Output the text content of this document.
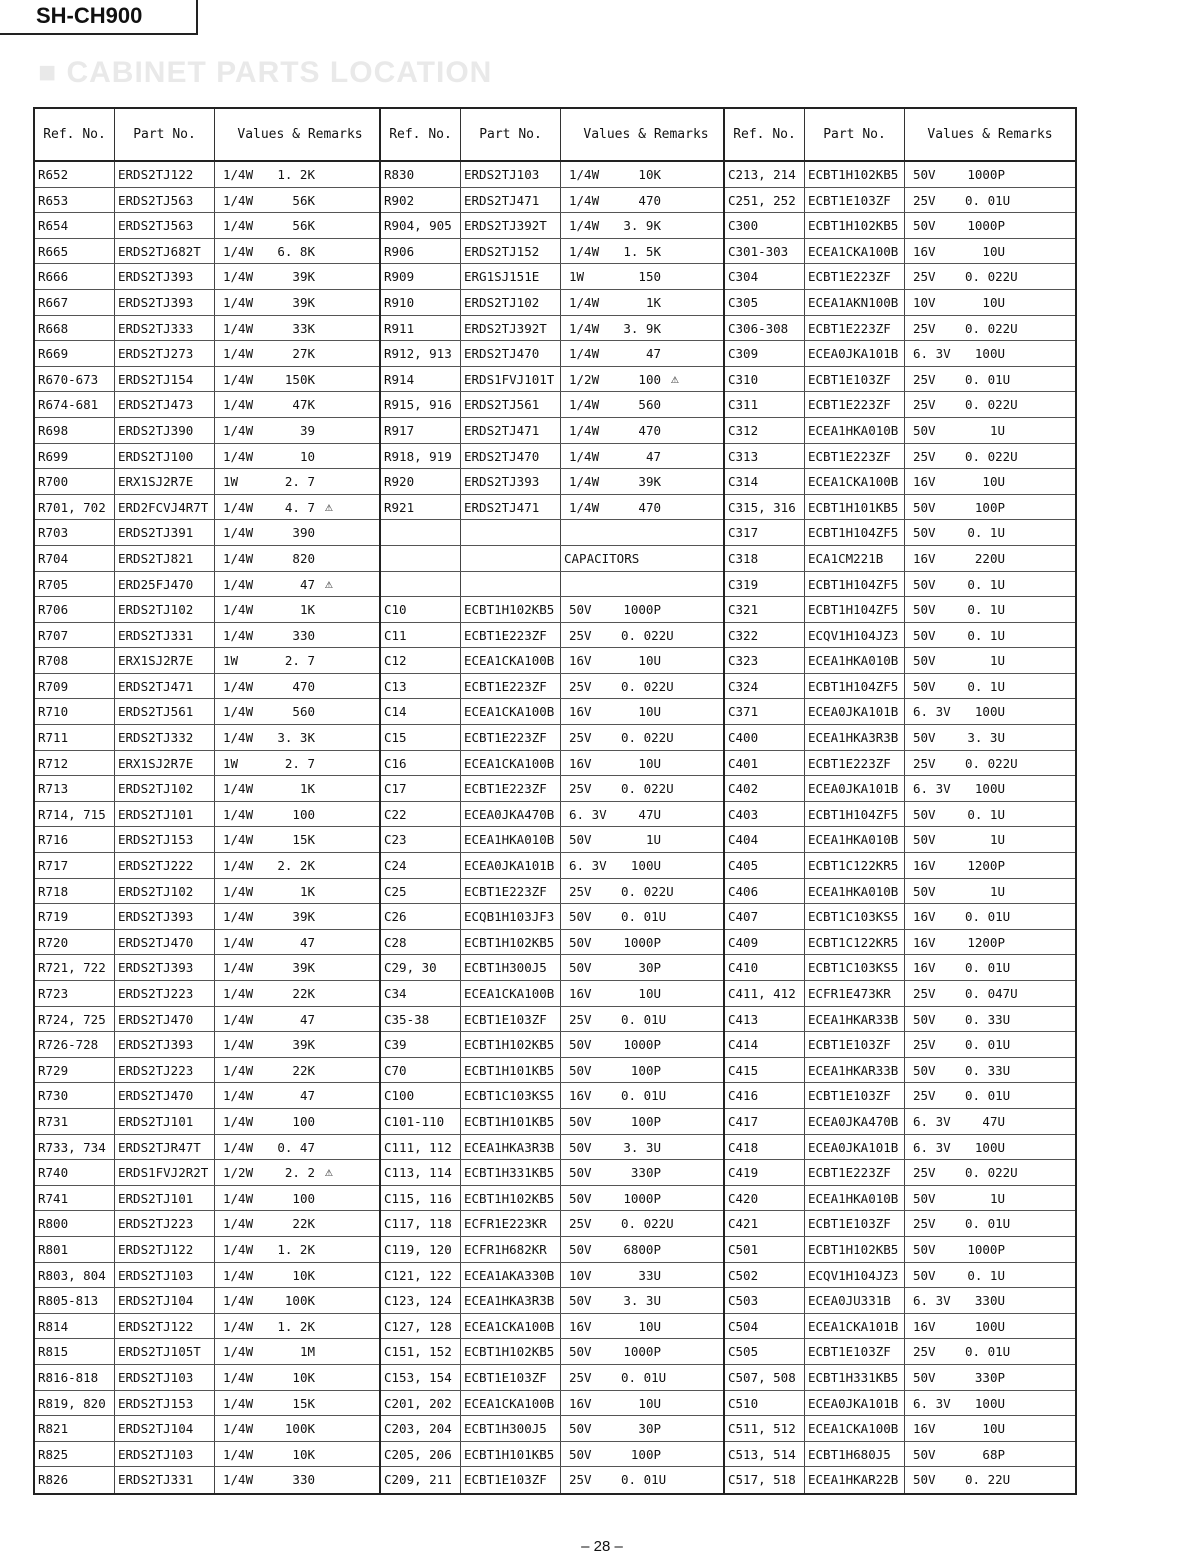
SH-CH900
■ CABINET PARTS LOCATION
Ref. No.	Part No.	Values & Remarks
R652	ERDS2TJ122	1/4W	1. 2K
R653	ERDS2TJ563	1/4W	56K
R654	ERDS2TJ563	1/4W	56K
R665	ERDS2TJ682T	1/4W	6. 8K
R666	ERDS2TJ393	1/4W	39K
R667	ERDS2TJ393	1/4W	39K
R668	ERDS2TJ333	1/4W	33K
R669	ERDS2TJ273	1/4W	27K
R670-673	ERDS2TJ154	1/4W	150K
R674-681	ERDS2TJ473	1/4W	47K
R698	ERDS2TJ390	1/4W	39
R699	ERDS2TJ100	1/4W	10
R700	ERX1SJ2R7E	1W	2. 7
R701, 702 ERD2FCVJ4R7T	1/4W	4. 7 ⚠
R703	ERDS2TJ391	1/4W	390
R704	ERDS2TJ821	1/4W	820
R705	ERD25FJ470	1/4W	47 ⚠
R706	ERDS2TJ102	1/4W	1K
R707	ERDS2TJ331	1/4W	330
R708	ERX1SJ2R7E	1W	2. 7
R709	ERDS2TJ471	1/4W	470
R710	ERDS2TJ561	1/4W	560
R711	ERDS2TJ332	1/4W	3. 3K
R712	ERX1SJ2R7E	1W	2. 7
R713	ERDS2TJ102	1/4W	1K
R714, 715 ERDS2TJ101	1/4W	100
R716	ERDS2TJ153	1/4W	15K
R717	ERDS2TJ222	1/4W	2. 2K
R718	ERDS2TJ102	1/4W	1K
R719	ERDS2TJ393	1/4W	39K
R720	ERDS2TJ470	1/4W	47
R721, 722 ERDS2TJ393	1/4W	39K
R723	ERDS2TJ223	1/4W	22K
R724, 725 ERDS2TJ470	1/4W	47
R726-728	ERDS2TJ393	1/4W	39K
R729	ERDS2TJ223	1/4W	22K
R730	ERDS2TJ470	1/4W	47
R731	ERDS2TJ101	1/4W	100
R733, 734 ERDS2TJR47T	1/4W	0. 47
R740	ERDS1FVJ2R2T	1/2W	2. 2 ⚠
R741	ERDS2TJ101	1/4W	100
R800	ERDS2TJ223	1/4W	22K
R801	ERDS2TJ122	1/4W	1. 2K
R803, 804 ERDS2TJ103	1/4W	10K
R805-813	ERDS2TJ104	1/4W	100K
R814	ERDS2TJ122	1/4W	1. 2K
R815	ERDS2TJ105T	1/4W	1M
R816-818	ERDS2TJ103	1/4W	10K
R819, 820 ERDS2TJ153	1/4W	15K
R821	ERDS2TJ104	1/4W	100K
R825	ERDS2TJ103	1/4W	10K
R826	ERDS2TJ331	1/4W	330
Ref. No.	Part No.	Values & Remarks
R830	ERDS2TJ103	1/4W	10K
R902	ERDS2TJ471	1/4W	470
R904, 905 ERDS2TJ392T	1/4W	3. 9K
R906	ERDS2TJ152	1/4W	1. 5K
R909	ERG1SJ151E	1W	150
R910	ERDS2TJ102	1/4W	1K
R911	ERDS2TJ392T	1/4W	3. 9K
R912, 913 ERDS2TJ470	1/4W	47
R914	ERDS1FVJ101T	1/2W	100 ⚠
R915, 916 ERDS2TJ561	1/4W	560
R917	ERDS2TJ471	1/4W	470
R918, 919 ERDS2TJ470	1/4W	47
R920	ERDS2TJ393	1/4W	39K
R921	ERDS2TJ471	1/4W	470
CAPACITORS
C10	ECBT1H102KB5	50V	1000P
C11	ECBT1E223ZF	25V	0. 022U
C12	ECEA1CKA100B	16V	10U
C13	ECBT1E223ZF	25V	0. 022U
C14	ECEA1CKA100B	16V	10U
C15	ECBT1E223ZF	25V	0. 022U
C16	ECEA1CKA100B	16V	10U
C17	ECBT1E223ZF	25V	0. 022U
C22	ECEA0JKA470B	6. 3V	47U
C23	ECEA1HKA010B	50V	1U
C24	ECEA0JKA101B	6. 3V	100U
C25	ECBT1E223ZF	25V	0. 022U
C26	ECQB1H103JF3	50V	0. 01U
C28	ECBT1H102KB5	50V	1000P
C29, 30	ECBT1H300J5	50V	30P
C34	ECEA1CKA100B	16V	10U
C35-38	ECBT1E103ZF	25V	0. 01U
C39	ECBT1H102KB5	50V	1000P
C70	ECBT1H101KB5	50V	100P
C100	ECBT1C103KS5	16V	0. 01U
C101-110	ECBT1H101KB5	50V	100P
C111, 112 ECEA1HKA3R3B	50V	3. 3U
C113, 114 ECBT1H331KB5	50V	330P
C115, 116 ECBT1H102KB5	50V	1000P
C117, 118 ECFR1E223KR	25V	0. 022U
C119, 120 ECFR1H682KR	50V	6800P
C121, 122 ECEA1AKA330B	10V	33U
C123, 124 ECEA1HKA3R3B	50V	3. 3U
C127, 128 ECEA1CKA100B	16V	10U
C151, 152 ECBT1H102KB5	50V	1000P
C153, 154 ECBT1E103ZF	25V	0. 01U
C201, 202 ECEA1CKA100B	16V	10U
C203, 204 ECBT1H300J5	50V	30P
C205, 206 ECBT1H101KB5	50V	100P
C209, 211 ECBT1E103ZF	25V	0. 01U
Ref. No.	Part No.	Values & Remarks
C213, 214 ECBT1H102KB5	50V	1000P
C251, 252 ECBT1E103ZF	25V	0. 01U
C300	ECBT1H102KB5	50V	1000P
C301-303	ECEA1CKA100B	16V	10U
C304	ECBT1E223ZF	25V	0. 022U
C305	ECEA1AKN100B	10V	10U
C306-308	ECBT1E223ZF	25V	0. 022U
C309	ECEA0JKA101B	6. 3V	100U
C310	ECBT1E103ZF	25V	0. 01U
C311	ECBT1E223ZF	25V	0. 022U
C312	ECEA1HKA010B	50V	1U
C313	ECBT1E223ZF	25V	0. 022U
C314	ECEA1CKA100B	16V	10U
C315, 316 ECBT1H101KB5	50V	100P
C317	ECBT1H104ZF5	50V	0. 1U
C318	ECA1CM221B	16V	220U
C319	ECBT1H104ZF5	50V	0. 1U
C321	ECBT1H104ZF5	50V	0. 1U
C322	ECQV1H104JZ3	50V	0. 1U
C323	ECEA1HKA010B	50V	1U
C324	ECBT1H104ZF5	50V	0. 1U
C371	ECEA0JKA101B	6. 3V	100U
C400	ECEA1HKA3R3B	50V	3. 3U
C401	ECBT1E223ZF	25V	0. 022U
C402	ECEA0JKA101B	6. 3V	100U
C403	ECBT1H104ZF5	50V	0. 1U
C404	ECEA1HKA010B	50V	1U
C405	ECBT1C122KR5	16V	1200P
C406	ECEA1HKA010B	50V	1U
C407	ECBT1C103KS5	16V	0. 01U
C409	ECBT1C122KR5	16V	1200P
C410	ECBT1C103KS5	16V	0. 01U
C411, 412 ECFR1E473KR	25V	0. 047U
C413	ECEA1HKAR33B	50V	0. 33U
C414	ECBT1E103ZF	25V	0. 01U
C415	ECEA1HKAR33B	50V	0. 33U
C416	ECBT1E103ZF	25V	0. 01U
C417	ECEA0JKA470B	6. 3V	47U
C418	ECEA0JKA101B	6. 3V	100U
C419	ECBT1E223ZF	25V	0. 022U
C420	ECEA1HKA010B	50V	1U
C421	ECBT1E103ZF	25V	0. 01U
C501	ECBT1H102KB5	50V	1000P
C502	ECQV1H104JZ3	50V	0. 1U
C503	ECEA0JU331B	6. 3V	330U
C504	ECEA1CKA101B	16V	100U
C505	ECBT1E103ZF	25V	0. 01U
C507, 508 ECBT1H331KB5	50V	330P
C510	ECEA0JKA101B	6. 3V	100U
C511, 512 ECEA1CKA100B	16V	10U
C513, 514 ECBT1H680J5	50V	68P
C517, 518 ECEA1HKAR22B	50V	0. 22U
– 28 –
